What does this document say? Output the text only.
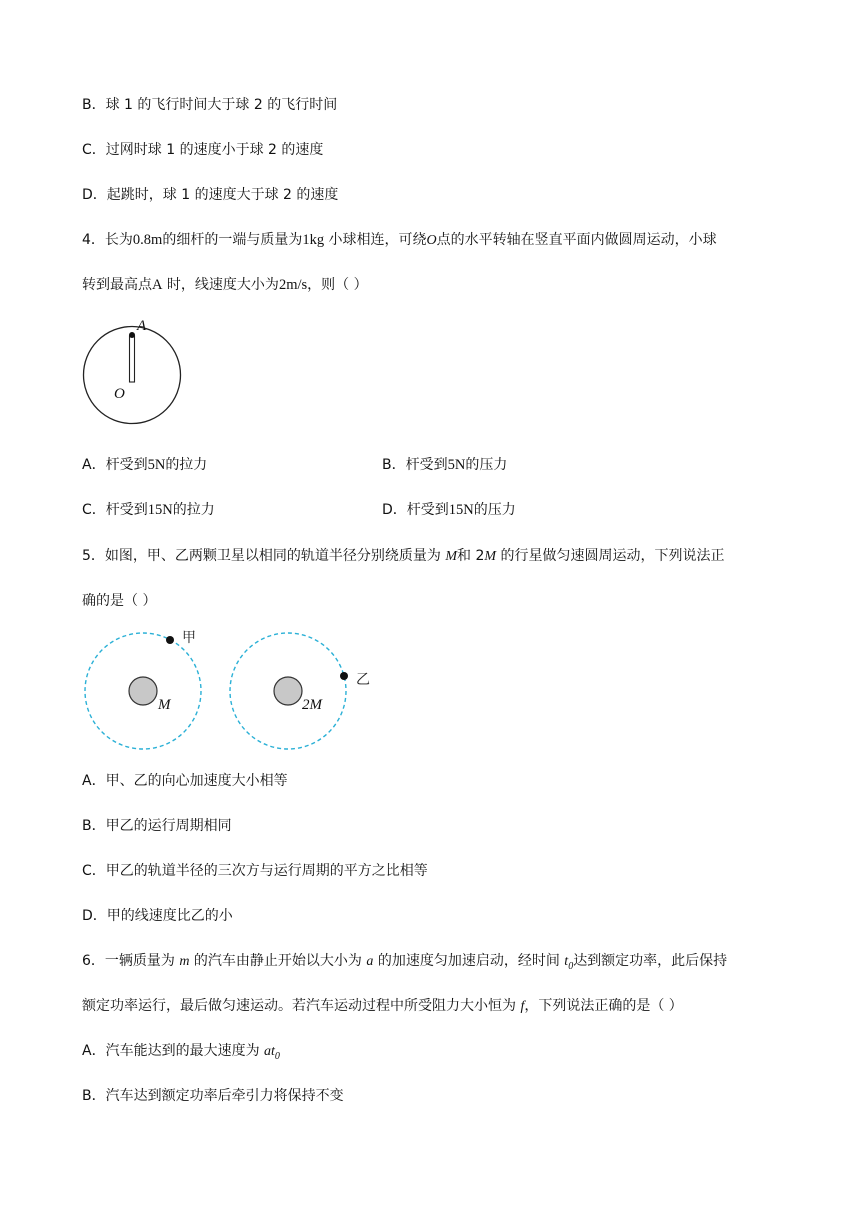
B．球 1 的飞行时间大于球 2 的飞行时间
C．过网时球 1 的速度小于球 2 的速度
D．起跳时，球 1 的速度大于球 2 的速度
4．长为0.8m的细杆的一端与质量为1kg 小球相连，可绕O点的水平转轴在竖直平面内做圆周运动，小球
转到最高点A 时，线速度大小为2m/s，则（ ）
A
O
A．杆受到5N的拉力	B．杆受到5N的压力
C．杆受到15N的拉力	D．杆受到15N的压力
5．如图，甲、乙两颗卫星以相同的轨道半径分别绕质量为 M和 2M 的行星做匀速圆周运动，下列说法正
确的是（ ）
甲
M
乙
2M
A．甲、乙的向心加速度大小相等
B．甲乙的运行周期相同
C．甲乙的轨道半径的三次方与运行周期的平方之比相等
D．甲的线速度比乙的小
6．一辆质量为 m 的汽车由静止开始以大小为 a 的加速度匀加速启动，经时间 $t_0$达到额定功率，此后保持
额定功率运行，最后做匀速运动。若汽车运动过程中所受阻力大小恒为 f，下列说法正确的是（ ）
A．汽车能达到的最大速度为 $at_0$
B．汽车达到额定功率后牵引力将保持不变
